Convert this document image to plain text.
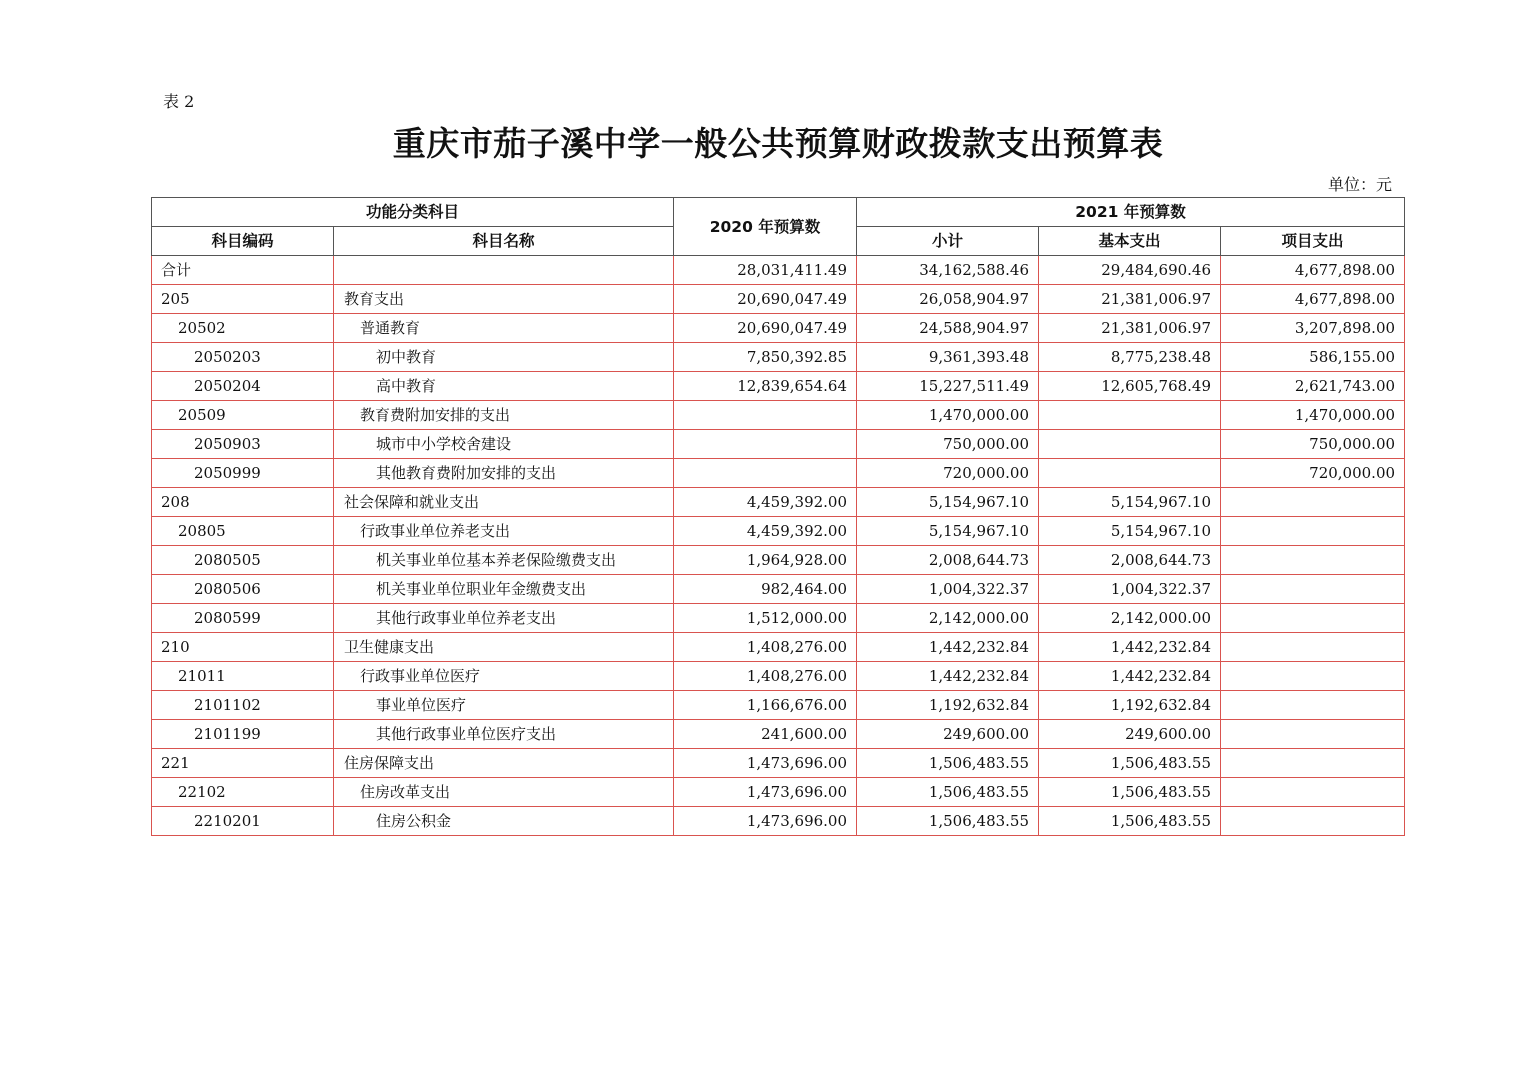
表 2
重庆市茄子溪中学一般公共预算财政拨款支出预算表
单位：元
功能分类科目		2020 年预算数	2021 年预算数		
科目编码	科目名称		小计	基本支出	项目支出
合计		28,031,411.49	34,162,588.46	29,484,690.46	4,677,898.00
205	教育支出	20,690,047.49	26,058,904.97	21,381,006.97	4,677,898.00
20502	普通教育	20,690,047.49	24,588,904.97	21,381,006.97	3,207,898.00
2050203	初中教育	7,850,392.85	9,361,393.48	8,775,238.48	586,155.00
2050204	高中教育	12,839,654.64	15,227,511.49	12,605,768.49	2,621,743.00
20509	教育费附加安排的支出		1,470,000.00		1,470,000.00
2050903	城市中小学校舍建设		750,000.00		750,000.00
2050999	其他教育费附加安排的支出		720,000.00		720,000.00
208	社会保障和就业支出	4,459,392.00	5,154,967.10	5,154,967.10	
20805	行政事业单位养老支出	4,459,392.00	5,154,967.10	5,154,967.10	
2080505	机关事业单位基本养老保险缴费支出	1,964,928.00	2,008,644.73	2,008,644.73	
2080506	机关事业单位职业年金缴费支出	982,464.00	1,004,322.37	1,004,322.37	
2080599	其他行政事业单位养老支出	1,512,000.00	2,142,000.00	2,142,000.00	
210	卫生健康支出	1,408,276.00	1,442,232.84	1,442,232.84	
21011	行政事业单位医疗	1,408,276.00	1,442,232.84	1,442,232.84	
2101102	事业单位医疗	1,166,676.00	1,192,632.84	1,192,632.84	
2101199	其他行政事业单位医疗支出	241,600.00	249,600.00	249,600.00	
221	住房保障支出	1,473,696.00	1,506,483.55	1,506,483.55	
22102	住房改革支出	1,473,696.00	1,506,483.55	1,506,483.55	
2210201	住房公积金	1,473,696.00	1,506,483.55	1,506,483.55	
